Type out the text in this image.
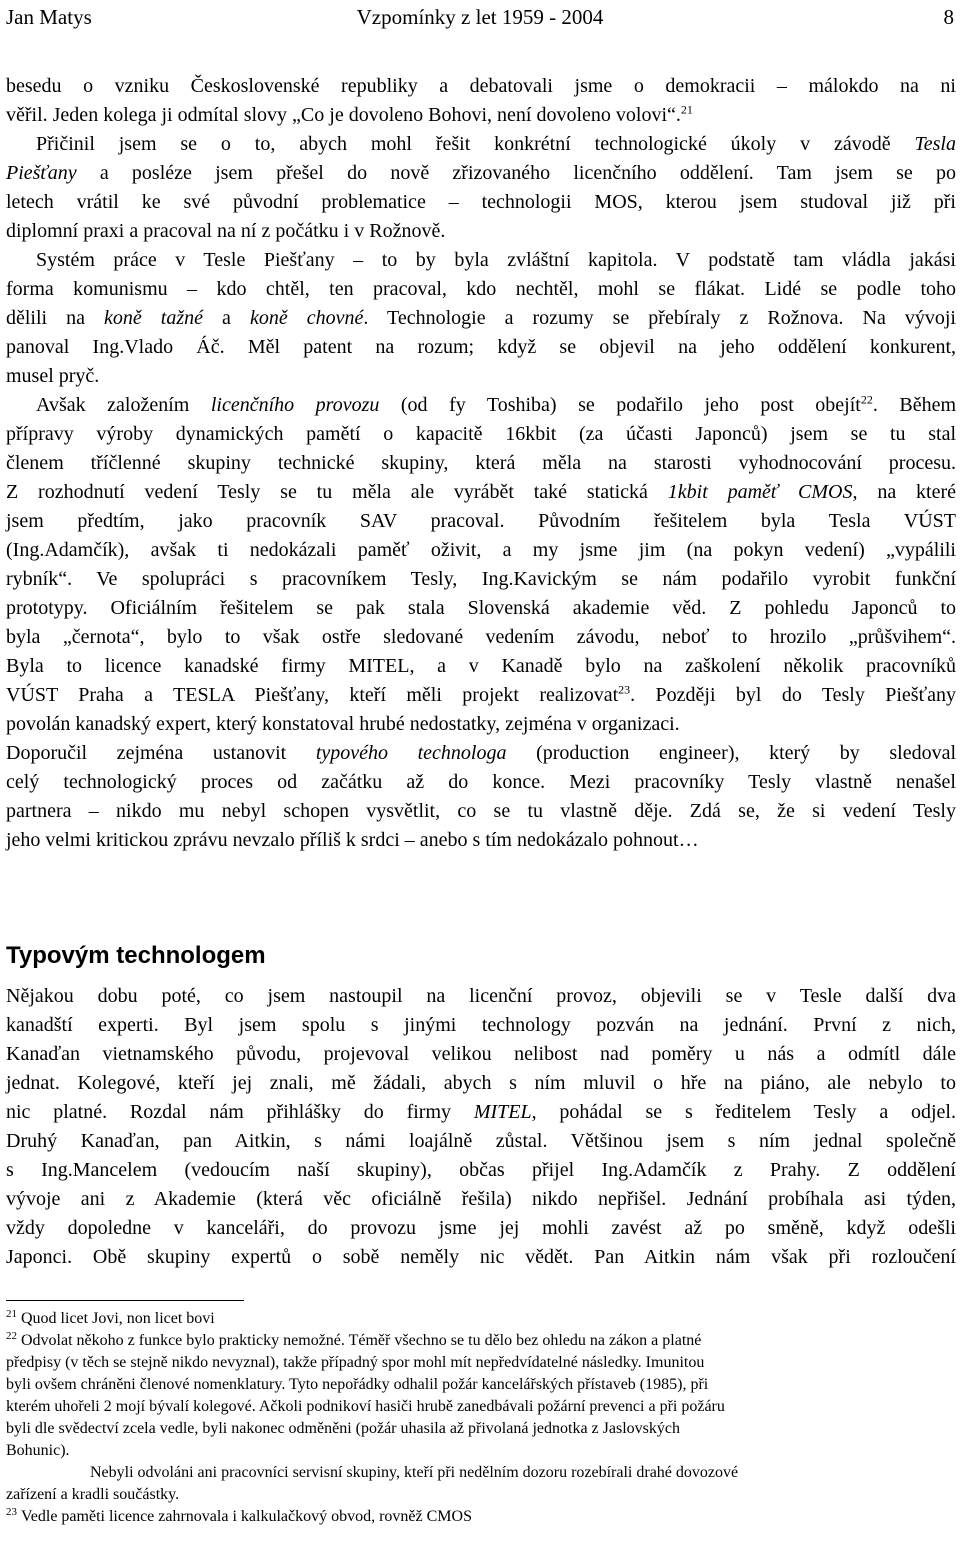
Jan Matys	Vzpomínky z let 1959 - 2004	8
besedu o vzniku Československé republiky a debatovali jsme o demokracii – málokdo na ni
věřil. Jeden kolega ji odmítal slovy „Co je dovoleno Bohovi, není dovoleno volovi“.$^{21}$
Přičinil jsem se o to, abych mohl řešit konkrétní technologické úkoly v závodě Tesla
Piešťany a posléze jsem přešel do nově zřizovaného licenčního oddělení. Tam jsem se po
letech vrátil ke své původní problematice – technologii MOS, kterou jsem studoval již při
diplomní praxi a pracoval na ní z počátku i v Rožnově.
Systém práce v Tesle Piešťany – to by byla zvláštní kapitola. V podstatě tam vládla jakási
forma komunismu – kdo chtěl, ten pracoval, kdo nechtěl, mohl se flákat. Lidé se podle toho
dělili na koně tažné a koně chovné. Technologie a rozumy se přebíraly z Rožnova. Na vývoji
panoval Ing.Vlado Áč. Měl patent na rozum; když se objevil na jeho oddělení konkurent,
musel pryč.
Avšak založením licenčního provozu (od fy Toshiba) se podařilo jeho post obejít$^{22}$. Během
přípravy výroby dynamických pamětí o kapacitě 16kbit (za účasti Japonců) jsem se tu stal
členem tříčlenné skupiny technické skupiny, která měla na starosti vyhodnocování procesu.
Z rozhodnutí vedení Tesly se tu měla ale vyrábět také statická 1kbit paměť CMOS, na které
jsem předtím, jako pracovník SAV pracoval. Původním řešitelem byla Tesla VÚST
(Ing.Adamčík), avšak ti nedokázali paměť oživit, a my jsme jim (na pokyn vedení) „vypálili
rybník“. Ve spolupráci s pracovníkem Tesly, Ing.Kavickým se nám podařilo vyrobit funkční
prototypy. Oficiálním řešitelem se pak stala Slovenská akademie věd. Z pohledu Japonců to
byla „černota“, bylo to však ostře sledované vedením závodu, neboť to hrozilo „průšvihem“.
Byla to licence kanadské firmy MITEL, a v Kanadě bylo na zaškolení několik pracovníků
VÚST Praha a TESLA Piešťany, kteří měli projekt realizovat$^{23}$. Později byl do Tesly Piešťany
povolán kanadský expert, který konstatoval hrubé nedostatky, zejména v organizaci.
Doporučil zejména ustanovit typového technologa (production engineer), který by sledoval
celý technologický proces od začátku až do konce. Mezi pracovníky Tesly vlastně nenašel
partnera – nikdo mu nebyl schopen vysvětlit, co se tu vlastně děje. Zdá se, že si vedení Tesly
jeho velmi kritickou zprávu nevzalo příliš k srdci – anebo s tím nedokázalo pohnout…
Typovým technologem
Nějakou dobu poté, co jsem nastoupil na licenční provoz, objevili se v Tesle další dva
kanadští experti. Byl jsem spolu s jinými technology pozván na jednání. První z nich,
Kanaďan vietnamského původu, projevoval velikou nelibost nad poměry u nás a odmítl dále
jednat. Kolegové, kteří jej znali, mě žádali, abych s ním mluvil o hře na piáno, ale nebylo to
nic platné. Rozdal nám přihlášky do firmy MITEL, pohádal se s ředitelem Tesly a odjel.
Druhý Kanaďan, pan Aitkin, s námi loajálně zůstal. Většinou jsem s ním jednal společně
s Ing.Mancelem (vedoucím naší skupiny), občas přijel Ing.Adamčík z Prahy. Z oddělení
vývoje ani z Akademie (která věc oficiálně řešila) nikdo nepřišel. Jednání probíhala asi týden,
vždy dopoledne v kanceláři, do provozu jsme jej mohli zavést až po směně, když odešli
Japonci. Obě skupiny expertů o sobě neměly nic vědět. Pan Aitkin nám však při rozloučení
$^{21}$ Quod licet Jovi, non licet bovi
$^{22}$ Odvolat někoho z funkce bylo prakticky nemožné. Téměř všechno se tu dělo bez ohledu na zákon a platné
předpisy (v těch se stejně nikdo nevyznal), takže případný spor mohl mít nepředvídatelné následky. Imunitou
byli ovšem chráněni členové nomenklatury. Tyto nepořádky odhalil požár kancelářských přístaveb (1985), při
kterém uhořeli 2 mojí bývalí kolegové. Ačkoli podnikoví hasiči hrubě zanedbávali požární prevenci a při požáru
byli dle svědectví zcela vedle, byli nakonec odměněni (požár uhasila až přivolaná jednotka z Jaslovských
Bohunic).
Nebyli odvoláni ani pracovníci servisní skupiny, kteří při nedělním dozoru rozebírali drahé dovozové
zařízení a kradli součástky.
$^{23}$ Vedle paměti licence zahrnovala i kalkulačkový obvod, rovněž CMOS
